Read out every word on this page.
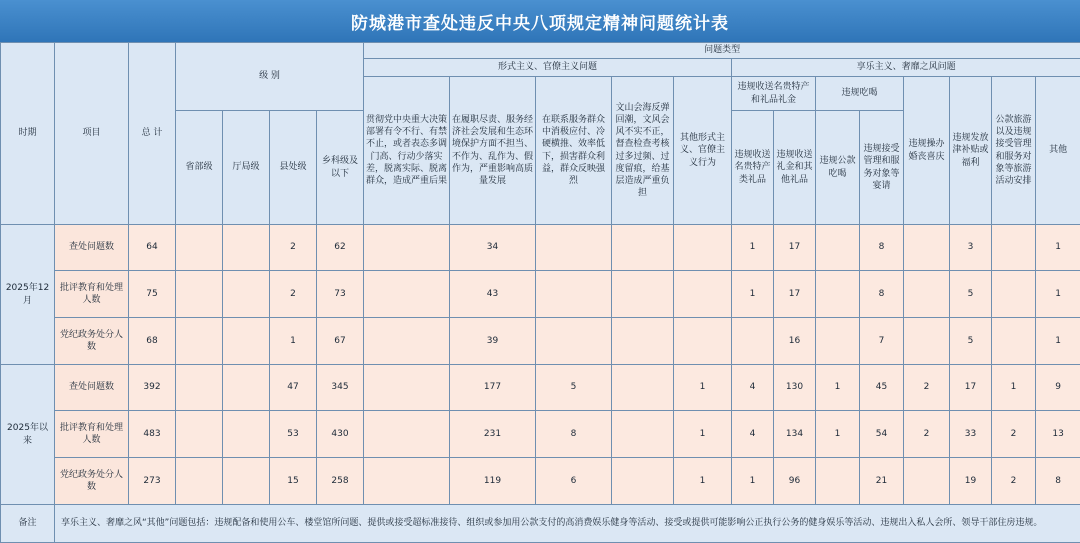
防城港市查处违反中央八项规定精神问题统计表
时期	项目	总 计	级 别				问题类型												
							形式主义、官僚主义问题					享乐主义、奢靡之风问题							
							贯彻党中央重大决策部署有令不行、有禁不止，或者表态多调门高、行动少落实差，脱离实际、脱离群众，造成严重后果	在履职尽责、服务经济社会发展和生态环境保护方面不担当、不作为、乱作为、假作为，严重影响高质量发展	在联系服务群众中消极应付、冷硬横推、效率低下，损害群众利益，群众反映强烈	文山会海反弹回潮，文风会风不实不正，督查检查考核过多过频、过度留痕，给基层造成严重负担	其他形式主义、官僚主义行为	违规收送名贵特产和礼品礼金		违规吃喝		违规操办婚丧喜庆	违规发放津补贴或福利	公款旅游以及违规接受管理和服务对象等旅游活动安排	其他
			省部级	厅局级	县处级	乡科级及以下						违规收送名贵特产类礼品	违规收送礼金和其他礼品	违规公款吃喝	违规接受管理和服务对象等宴请				
2025年12月	查处问题数	64			2	62		34				1	17		8		3		1
	批评教育和处理人数	75			2	73		43				1	17		8		5		1
	党纪政务处分人数	68			1	67		39					16		7		5		1
2025年以来	查处问题数	392			47	345		177	5		1	4	130	1	45	2	17	1	9
	批评教育和处理人数	483			53	430		231	8		1	4	134	1	54	2	33	2	13
	党纪政务处分人数	273			15	258		119	6		1	1	96		21		19	2	8
备注	享乐主义、奢靡之风“其他”问题包括：违规配备和使用公车、楼堂馆所问题、提供或接受超标准接待、组织或参加用公款支付的高消费娱乐健身等活动、接受或提供可能影响公正执行公务的健身娱乐等活动、违规出入私人会所、领导干部住房违规。																		
